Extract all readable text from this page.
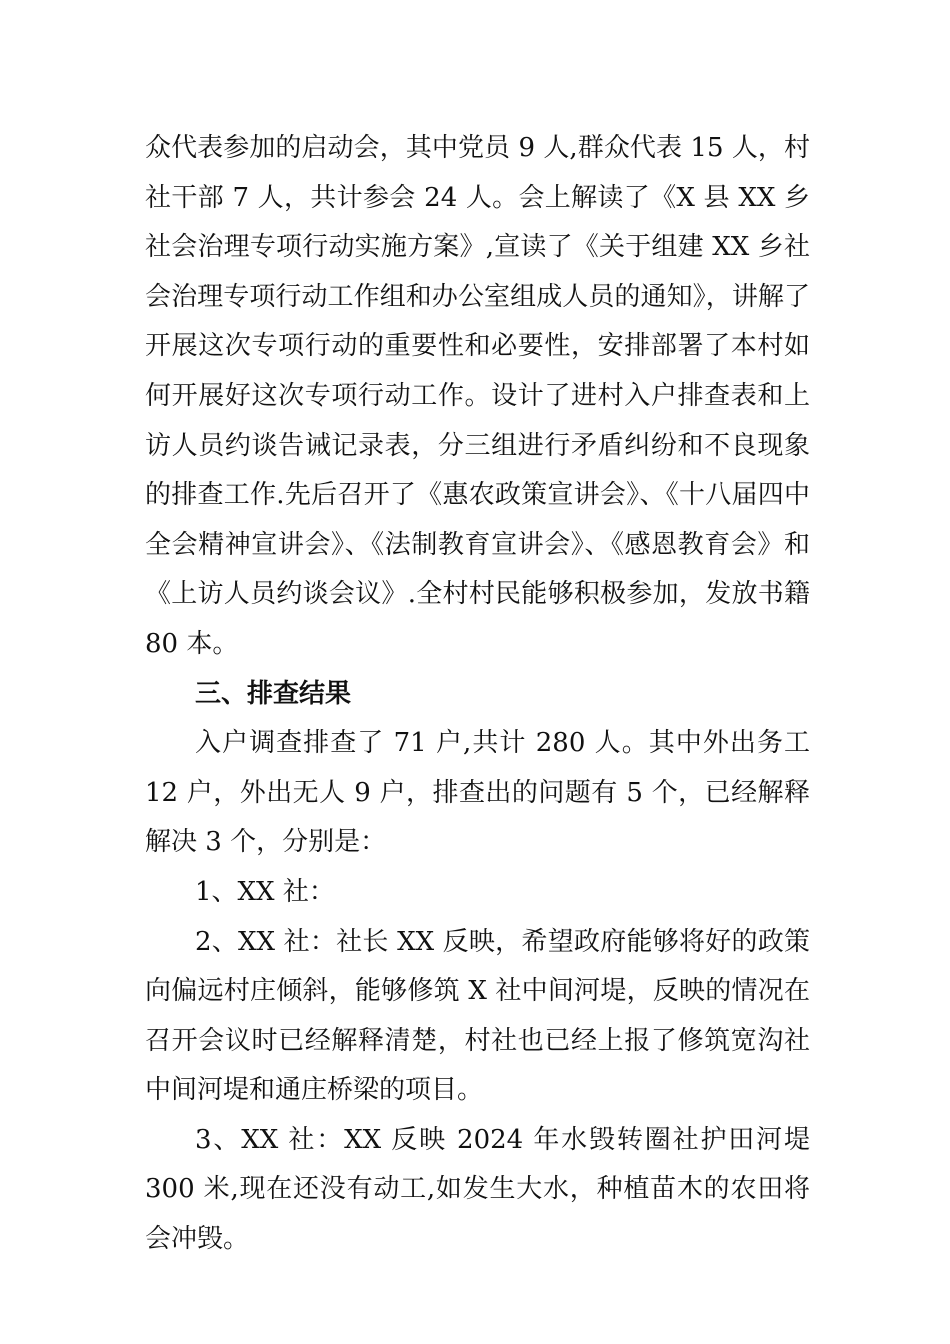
众代表参加的启动会，其中党员 9 人,群众代表 15 人，村社干部 7 人，共计参会 24 人。会上解读了《X 县 XX 乡社会治理专项行动实施方案》,宣读了《关于组建 XX 乡社会治理专项行动工作组和办公室组成人员的通知》，讲解了开展这次专项行动的重要性和必要性，安排部署了本村如何开展好这次专项行动工作。设计了进村入户排查表和上访人员约谈告诫记录表，分三组进行矛盾纠纷和不良现象的排查工作.先后召开了《惠农政策宣讲会》、《十八届四中全会精神宣讲会》、《法制教育宣讲会》、《感恩教育会》和《上访人员约谈会议》.全村村民能够积极参加，发放书籍 80 本。

三、排查结果

入户调查排查了 71 户,共计 280 人。其中外出务工 12 户，外出无人 9 户，排查出的问题有 5 个，已经解释解决 3 个，分别是：

1、XX 社：

2、XX 社：社长 XX 反映，希望政府能够将好的政策向偏远村庄倾斜，能够修筑 X 社中间河堤，反映的情况在召开会议时已经解释清楚，村社也已经上报了修筑宽沟社中间河堤和通庄桥梁的项目。

3、XX 社：XX 反映 2024 年水毁转圈社护田河堤 300 米,现在还没有动工,如发生大水，种植苗木的农田将会冲毁。
